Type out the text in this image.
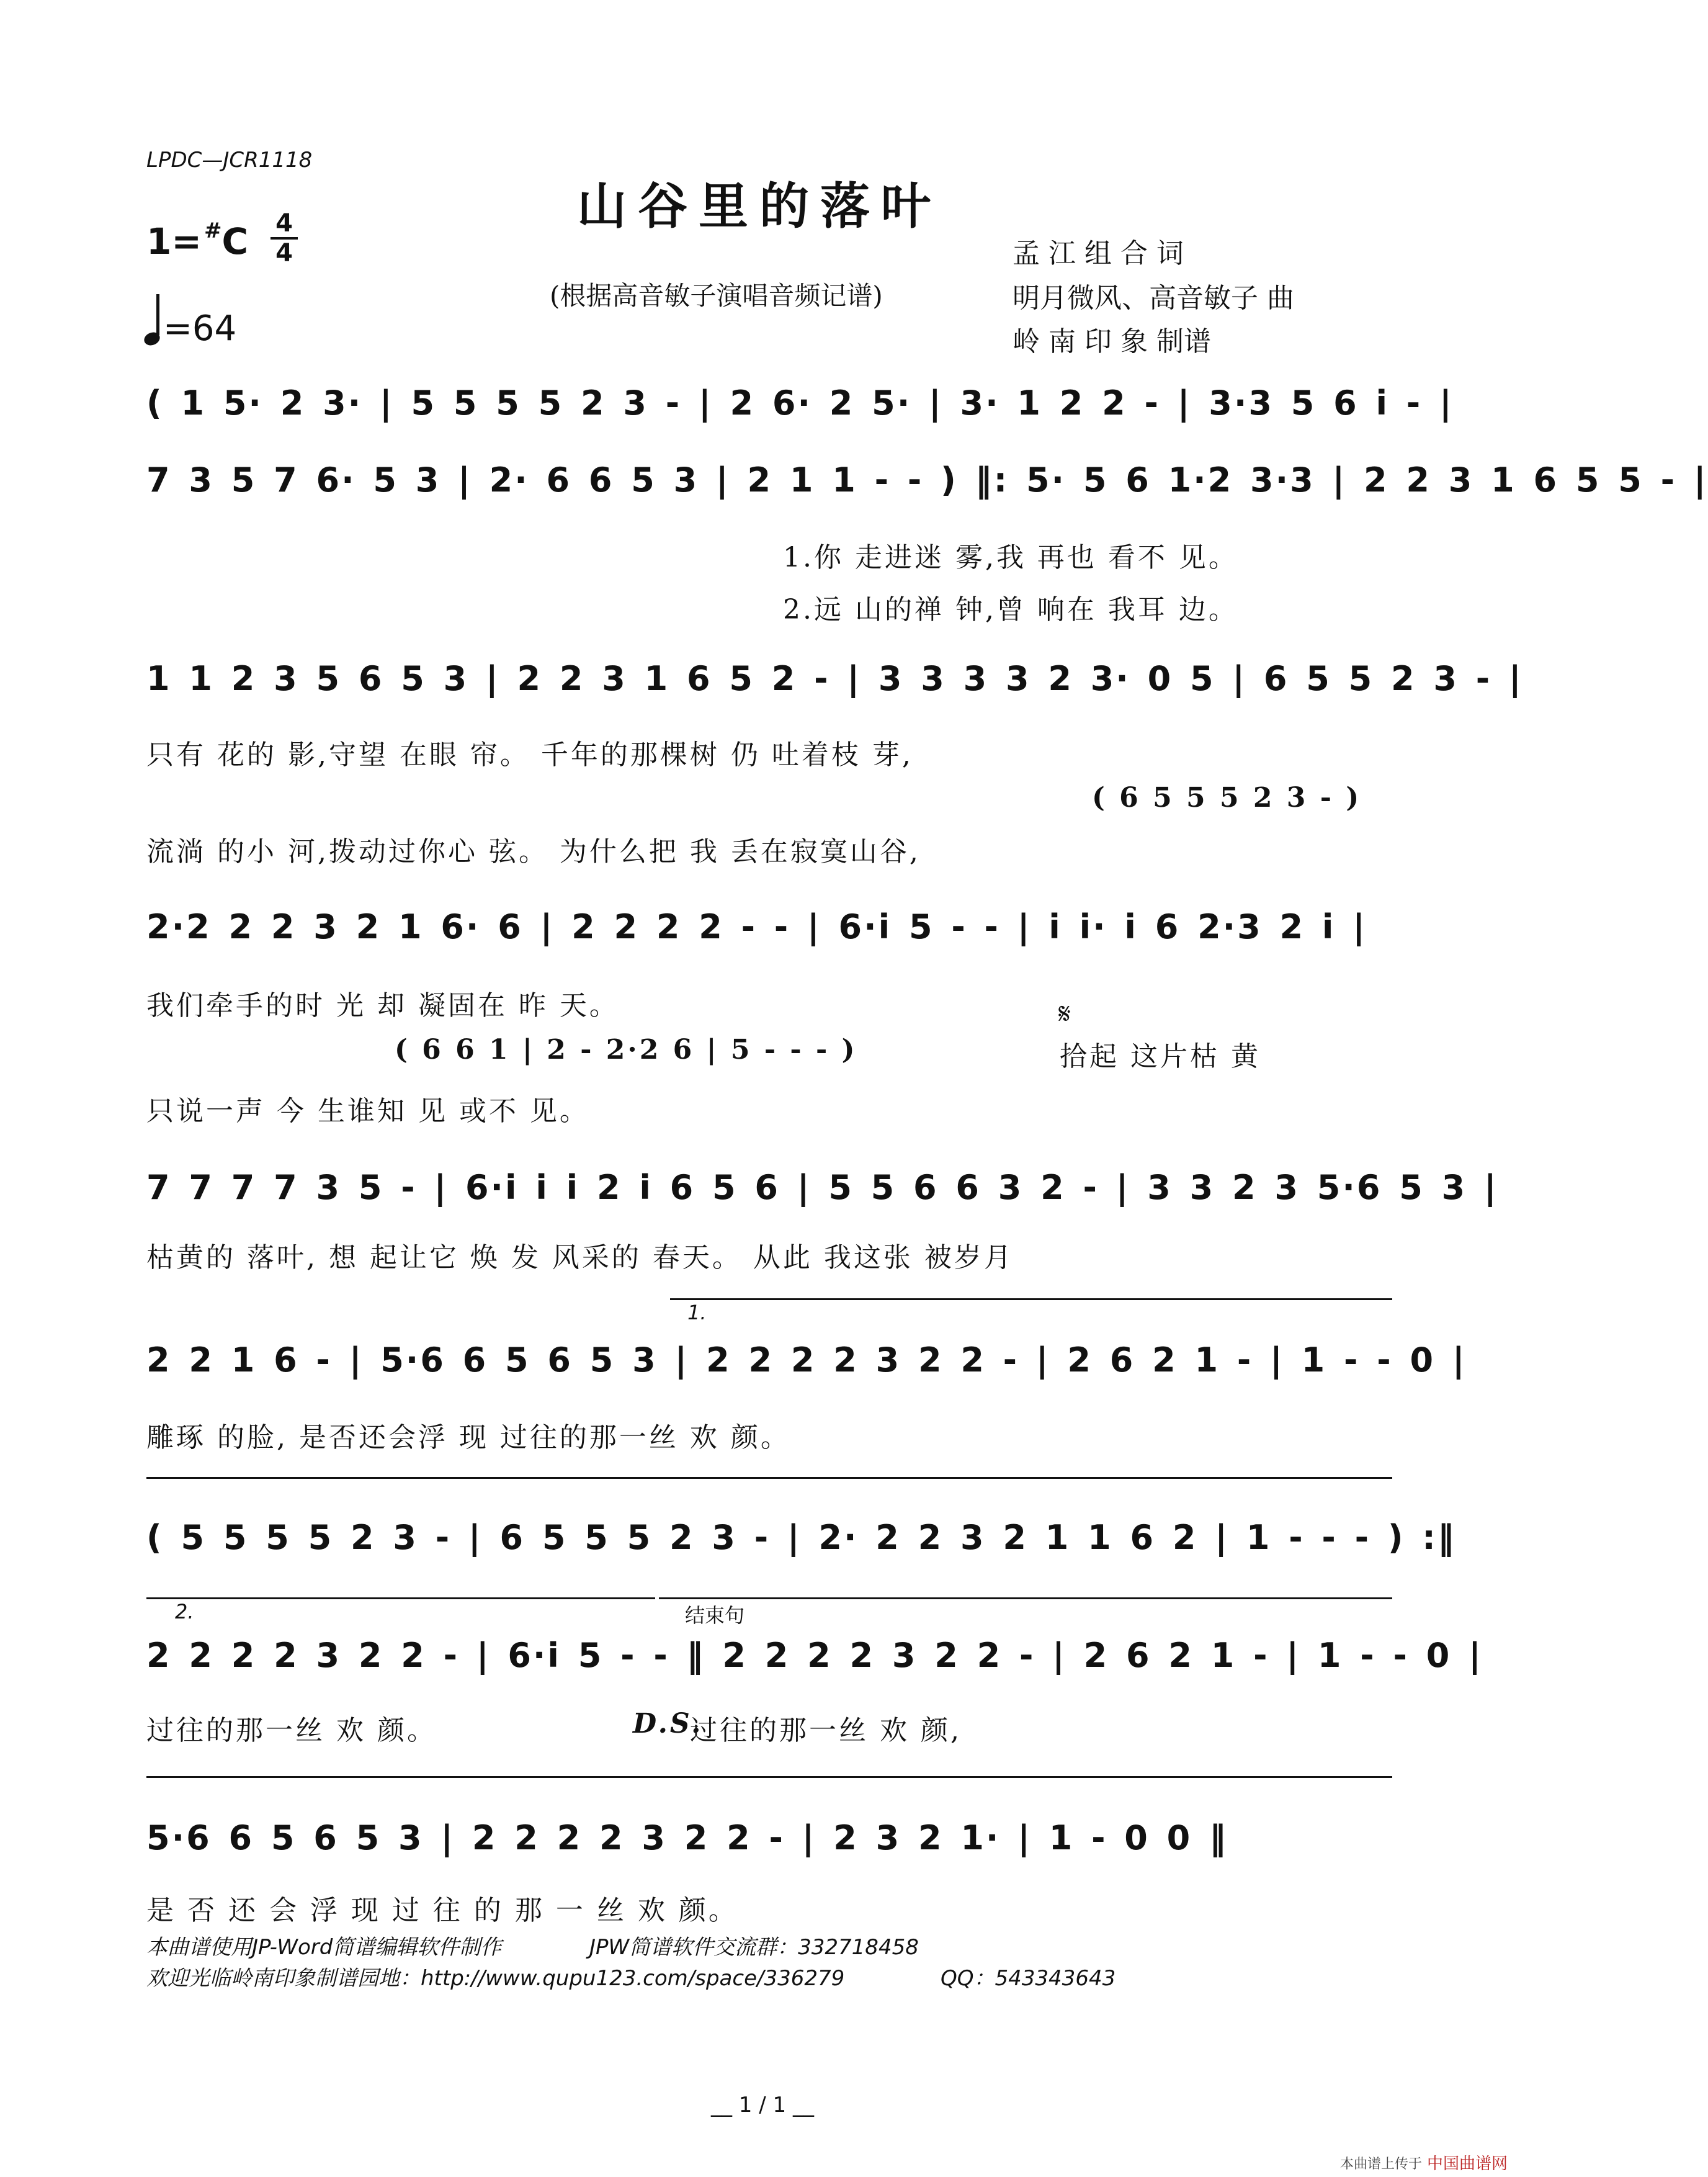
LPDC—JCR1118
山谷里的落叶
1= #C 4
4
=64
孟 江 组 合 词
(根据高音敏子演唱音频记谱)	明月微风、高音敏子 曲
岭 南 印 象 制谱
( 1 5· 2 3· | 5 5 5 5 2 3 - | 2 6· 2 5· | 3· 1 2 2 - | 3·3 5 6 i - |
7 3 5 7 6· 5 3 | 2· 6 6 5 3 | 2 1 1 - - ) ‖: 5· 5 6 1·2 3·3 | 2 2 3 1 6 5 5 - |
1.你 走进迷 雾,我 再也 看不 见。
2.远 山的禅 钟,曾 响在 我耳 边。
1 1 2 3 5 6 5 3 | 2 2 3 1 6 5 2 - | 3 3 3 3 2 3· 0 5 | 6 5 5 2 3 - |
只有 花的 影,守望 在眼 帘。 千年的那棵树 仍 吐着枝 芽,
( 6 5 5 5 2 3 - )
流淌 的小 河,拨动过你心 弦。 为什么把 我 丢在寂寞山谷,
2·2 2 2 3 2 1 6· 6 | 2 2 2 2 - - | 6·i 5 - - | i i· i 6 2·3 2 i |
我们牵手的时 光 却 凝固在 昨 天。
( 6 6 1 | 2 - 2·2 6 | 5 - - - )
𝄋
拾起 这片枯 黄
只说一声 今 生谁知 见 或不 见。
7 7 7 7 3 5 - | 6·i i i 2 i 6 5 6 | 5 5 6 6 3 2 - | 3 3 2 3 5·6 5 3 |
枯黄的 落叶, 想 起让它 焕 发 风采的 春天。 从此 我这张 被岁月
1.
2 2 1 6 - | 5·6 6 5 6 5 3 | 2 2 2 2 3 2 2 - | 2 6 2 1 - | 1 - - 0 |
雕琢 的脸, 是否还会浮 现 过往的那一丝 欢 颜。
( 5 5 5 5 2 3 - | 6 5 5 5 2 3 - | 2· 2 2 3 2 1 1 6 2 | 1 - - - ) :‖
2.	结束句
2 2 2 2 3 2 2 - | 6·i 5 - - ‖ 2 2 2 2 3 2 2 - | 2 6 2 1 - | 1 - - 0 |
过往的那一丝 欢 颜。	D.S.
过往的那一丝 欢 颜,
5·6 6 5 6 5 3 | 2 2 2 2 3 2 2 - | 2 3 2 1· | 1 - 0 0 ‖
是 否 还 会 浮 现 过 往 的 那 一 丝 欢 颜。
本曲谱使用JP-Word简谱编辑软件制作	JPW简谱软件交流群：332718458
欢迎光临岭南印象制谱园地：http://www.qupu123.com/space/336279	QQ：543343643
__ 1 / 1 __
本曲谱上传于 中国曲谱网
